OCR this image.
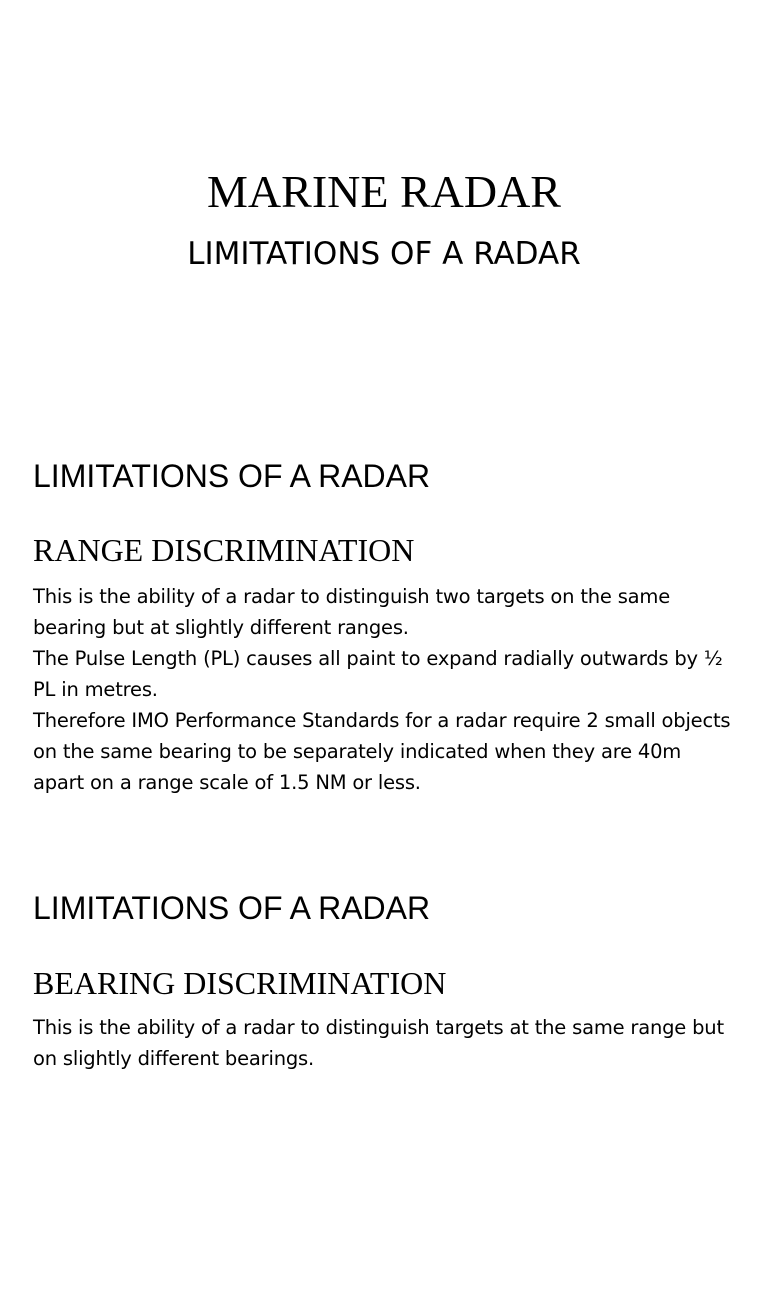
MARINE RADAR
LIMITATIONS OF A RADAR
LIMITATIONS OF A RADAR
RANGE DISCRIMINATION

This is the ability of a radar to distinguish two targets on the same bearing but at slightly different ranges.

The Pulse Length (PL) causes all paint to expand radially outwards by ½ PL in metres.

Therefore IMO Performance Standards for a radar require 2 small objects on the same bearing to be separately indicated when they are 40m apart on a range scale of 1.5 NM or less.

LIMITATIONS OF A RADAR
BEARING DISCRIMINATION

This is the ability of a radar to distinguish targets at the same range but on slightly different bearings.
